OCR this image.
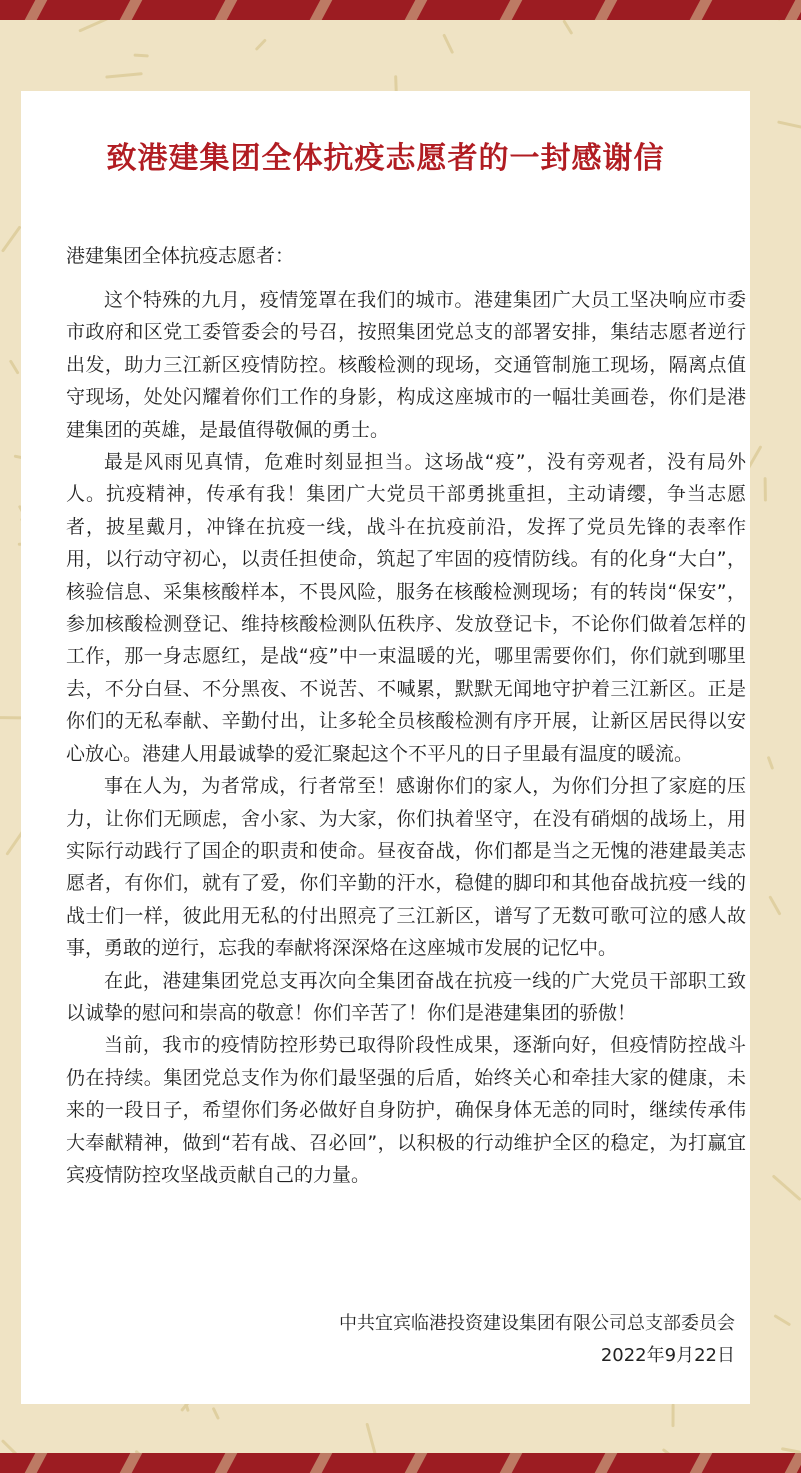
致港建集团全体抗疫志愿者的一封感谢信
港建集团全体抗疫志愿者：

这个特殊的九月，疫情笼罩在我们的城市。港建集团广大员工坚决响应市委市政府和区党工委管委会的号召，按照集团党总支的部署安排，集结志愿者逆行出发，助力三江新区疫情防控。核酸检测的现场，交通管制施工现场，隔离点值守现场，处处闪耀着你们工作的身影，构成这座城市的一幅壮美画卷，你们是港建集团的英雄，是最值得敬佩的勇士。

最是风雨见真情，危难时刻显担当。这场战“疫”，没有旁观者，没有局外人。抗疫精神，传承有我！集团广大党员干部勇挑重担，主动请缨，争当志愿者，披星戴月，冲锋在抗疫一线，战斗在抗疫前沿，发挥了党员先锋的表率作用，以行动守初心，以责任担使命，筑起了牢固的疫情防线。有的化身“大白”，核验信息、采集核酸样本，不畏风险，服务在核酸检测现场；有的转岗“保安”，参加核酸检测登记、维持核酸检测队伍秩序、发放登记卡，不论你们做着怎样的工作，那一身志愿红，是战“疫”中一束温暖的光，哪里需要你们，你们就到哪里去，不分白昼、不分黑夜、不说苦、不喊累，默默无闻地守护着三江新区。正是你们的无私奉献、辛勤付出，让多轮全员核酸检测有序开展，让新区居民得以安心放心。港建人用最诚挚的爱汇聚起这个不平凡的日子里最有温度的暖流。

事在人为，为者常成，行者常至！感谢你们的家人，为你们分担了家庭的压力，让你们无顾虑，舍小家、为大家，你们执着坚守，在没有硝烟的战场上，用实际行动践行了国企的职责和使命。昼夜奋战，你们都是当之无愧的港建最美志愿者，有你们，就有了爱，你们辛勤的汗水，稳健的脚印和其他奋战抗疫一线的战士们一样，彼此用无私的付出照亮了三江新区，谱写了无数可歌可泣的感人故事，勇敢的逆行，忘我的奉献将深深烙在这座城市发展的记忆中。

在此，港建集团党总支再次向全集团奋战在抗疫一线的广大党员干部职工致以诚挚的慰问和崇高的敬意！你们辛苦了！你们是港建集团的骄傲！

当前，我市的疫情防控形势已取得阶段性成果，逐渐向好，但疫情防控战斗仍在持续。集团党总支作为你们最坚强的后盾，始终关心和牵挂大家的健康，未来的一段日子，希望你们务必做好自身防护，确保身体无恙的同时，继续传承伟大奉献精神，做到“若有战、召必回”，以积极的行动维护全区的稳定，为打赢宜宾疫情防控攻坚战贡献自己的力量。

中共宜宾临港投资建设集团有限公司总支部委员会
2022年9月22日
